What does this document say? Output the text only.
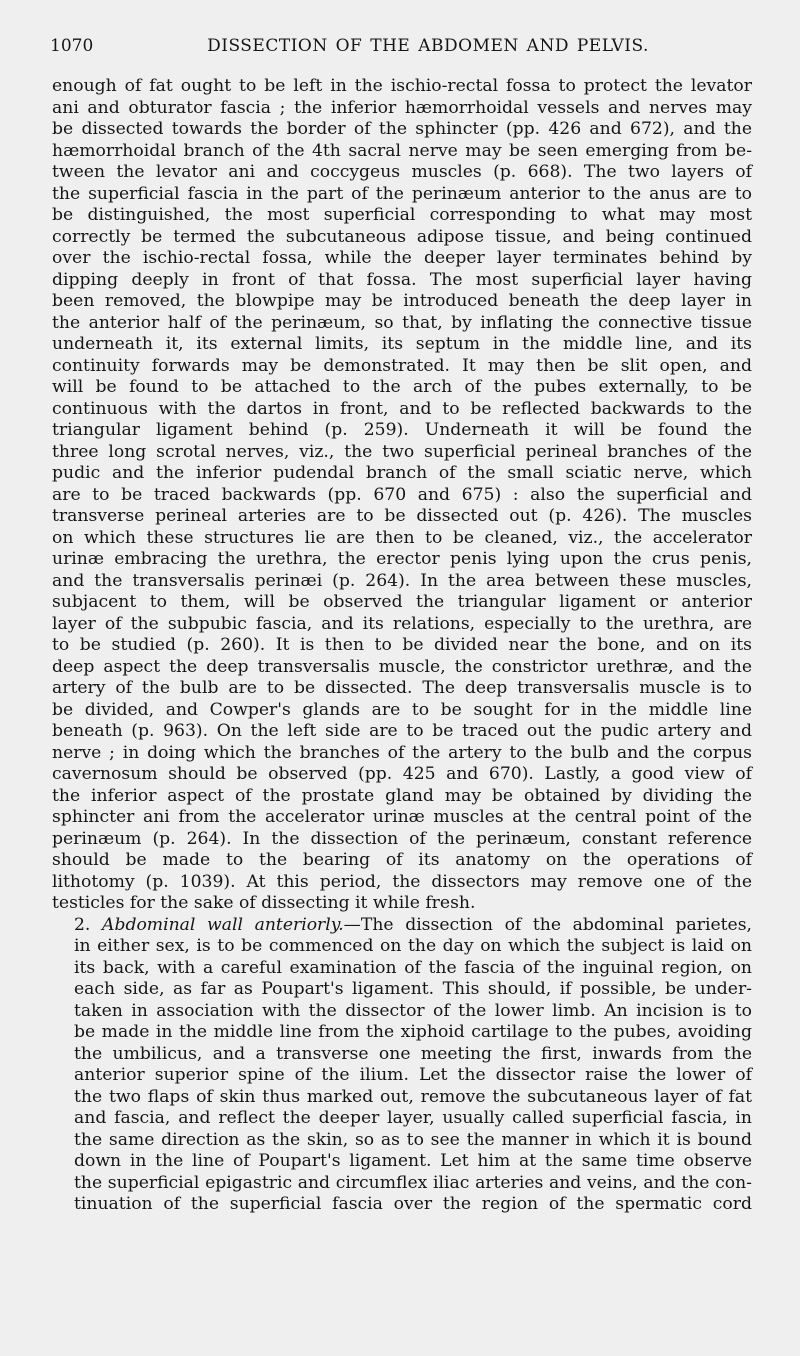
1070	DISSECTION OF THE ABDOMEN AND PELVIS.

enough of fat ought to be left in the ischio-rectal fossa to protect the levator
ani and obturator fascia ; the inferior hæmorrhoidal vessels and nerves may
be dissected towards the border of the sphincter (pp. 426 and 672), and the
hæmorrhoidal branch of the 4th sacral nerve may be seen emerging from be-
tween the levator ani and coccygeus muscles (p. 668). The two layers of
the superficial fascia in the part of the perinæum anterior to the anus are to
be distinguished, the most superficial corresponding to what may most
correctly be termed the subcutaneous adipose tissue, and being continued
over the ischio-rectal fossa, while the deeper layer terminates behind by
dipping deeply in front of that fossa. The most superficial layer having
been removed, the blowpipe may be introduced beneath the deep layer in
the anterior half of the perinæum, so that, by inflating the connective tissue
underneath it, its external limits, its septum in the middle line, and its
continuity forwards may be demonstrated. It may then be slit open, and
will be found to be attached to the arch of the pubes externally, to be
continuous with the dartos in front, and to be reflected backwards to the
triangular ligament behind (p. 259). Underneath it will be found the
three long scrotal nerves, viz., the two superficial perineal branches of the
pudic and the inferior pudendal branch of the small sciatic nerve, which
are to be traced backwards (pp. 670 and 675) : also the superficial and
transverse perineal arteries are to be dissected out (p. 426). The muscles
on which these structures lie are then to be cleaned, viz., the accelerator
urinæ embracing the urethra, the erector penis lying upon the crus penis,
and the transversalis perinæi (p. 264). In the area between these muscles,
subjacent to them, will be observed the triangular ligament or anterior
layer of the subpubic fascia, and its relations, especially to the urethra, are
to be studied (p. 260). It is then to be divided near the bone, and on its
deep aspect the deep transversalis muscle, the constrictor urethræ, and the
artery of the bulb are to be dissected. The deep transversalis muscle is to
be divided, and Cowper's glands are to be sought for in the middle line
beneath (p. 963). On the left side are to be traced out the pudic artery and
nerve ; in doing which the branches of the artery to the bulb and the corpus
cavernosum should be observed (pp. 425 and 670). Lastly, a good view of
the inferior aspect of the prostate gland may be obtained by dividing the
sphincter ani from the accelerator urinæ muscles at the central point of the
perinæum (p. 264). In the dissection of the perinæum, constant reference
should be made to the bearing of its anatomy on the operations of
lithotomy (p. 1039). At this period, the dissectors may remove one of the
testicles for the sake of dissecting it while fresh.

2. Abdominal wall anteriorly.—The dissection of the abdominal parietes,
in either sex, is to be commenced on the day on which the subject is laid on
its back, with a careful examination of the fascia of the inguinal region, on
each side, as far as Poupart's ligament. This should, if possible, be under-
taken in association with the dissector of the lower limb. An incision is to
be made in the middle line from the xiphoid cartilage to the pubes, avoiding
the umbilicus, and a transverse one meeting the first, inwards from the
anterior superior spine of the ilium. Let the dissector raise the lower of
the two flaps of skin thus marked out, remove the subcutaneous layer of fat
and fascia, and reflect the deeper layer, usually called superficial fascia, in
the same direction as the skin, so as to see the manner in which it is bound
down in the line of Poupart's ligament. Let him at the same time observe
the superficial epigastric and circumflex iliac arteries and veins, and the con-
tinuation of the superficial fascia over the region of the spermatic cord
